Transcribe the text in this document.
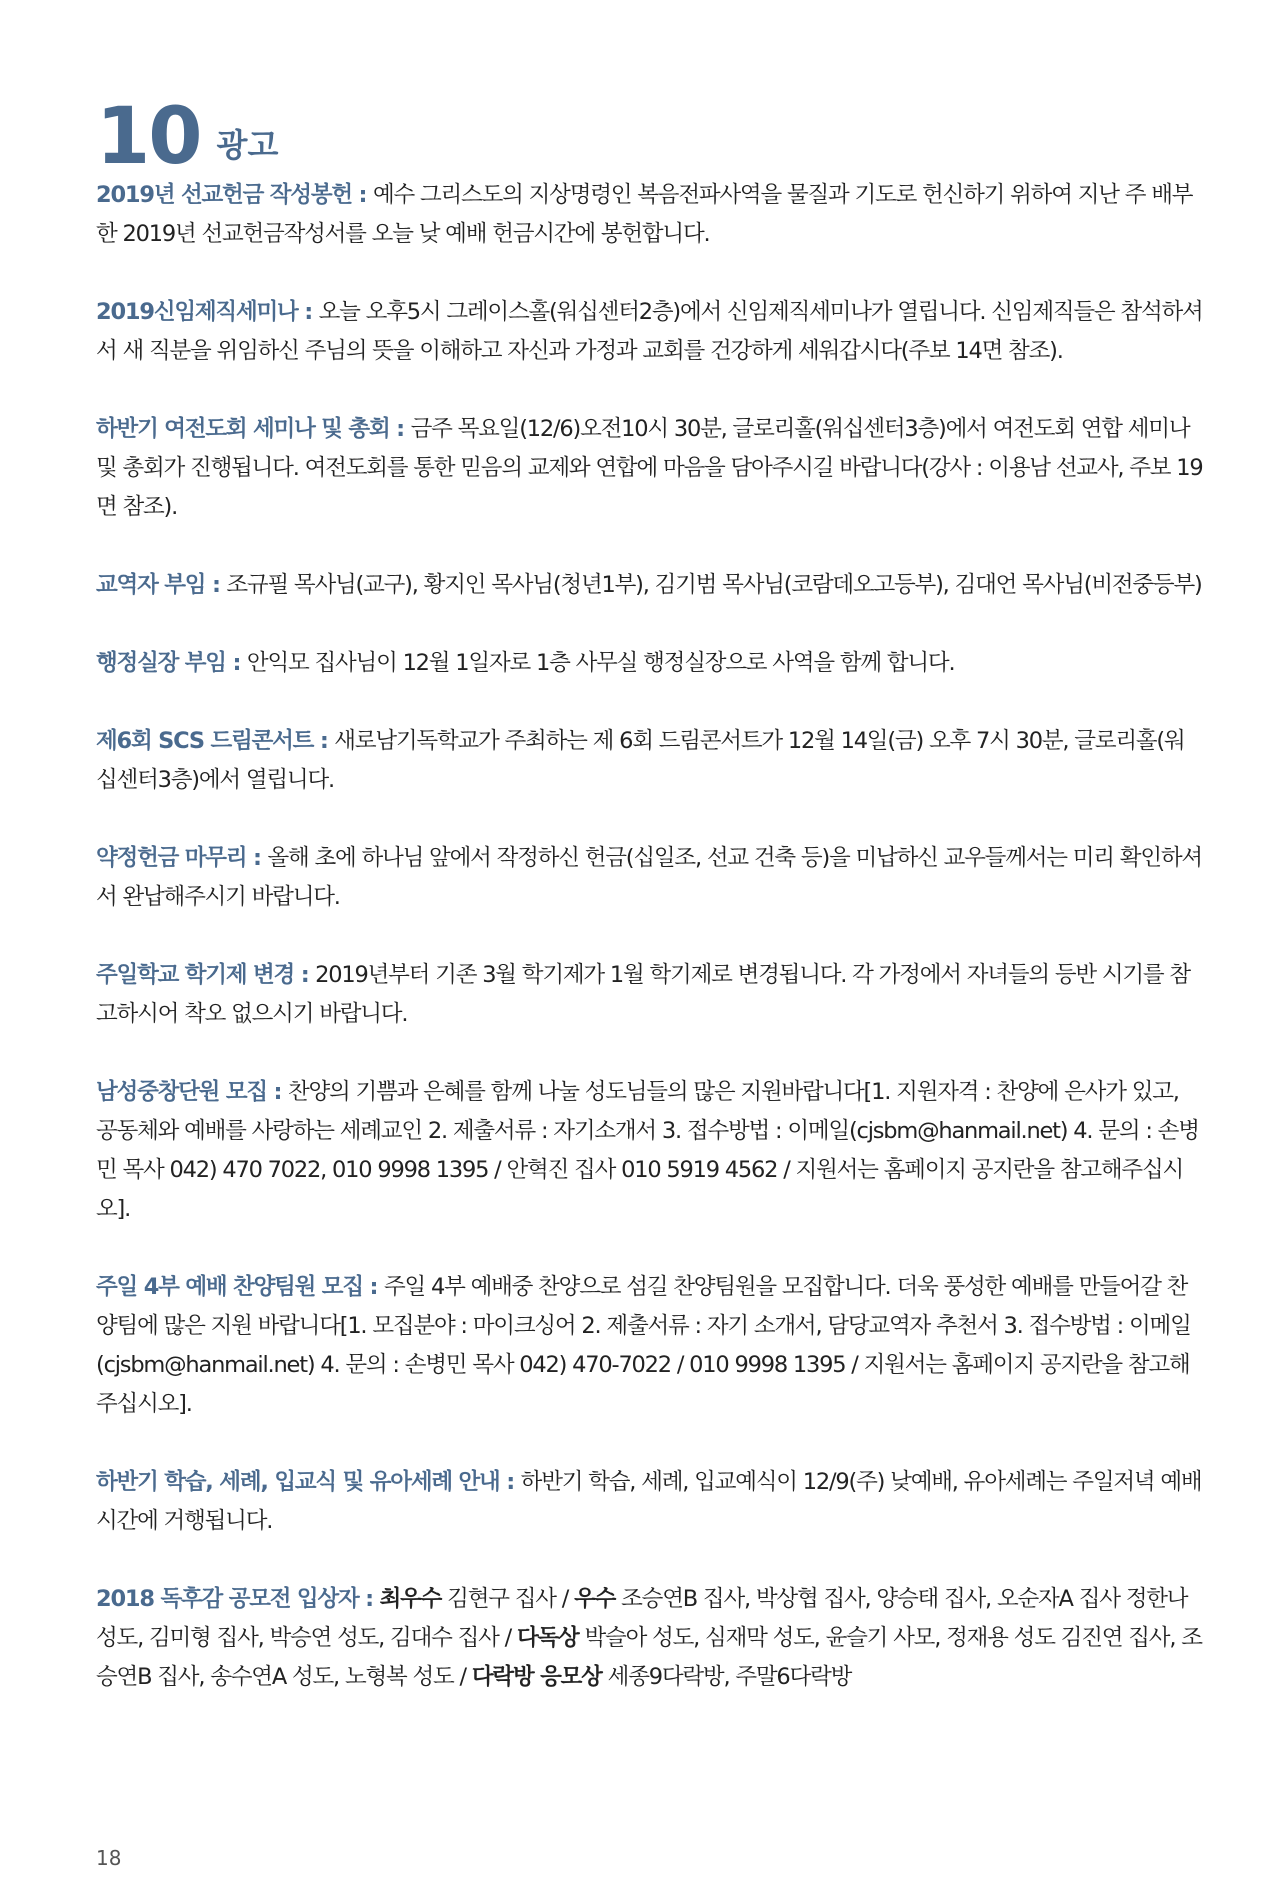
10 광고
2019년 선교헌금 작성봉헌 : 예수 그리스도의 지상명령인 복음전파사역을 물질과 기도로 헌신하기 위하여 지난 주 배부한 2019년 선교헌금작성서를 오늘 낮 예배 헌금시간에 봉헌합니다.
2019신임제직세미나 : 오늘 오후5시 그레이스홀(워십센터2층)에서 신임제직세미나가 열립니다. 신임제직들은 참석하셔서 새 직분을 위임하신 주님의 뜻을 이해하고 자신과 가정과 교회를 건강하게 세워갑시다(주보 14면 참조).
하반기 여전도회 세미나 및 총회 : 금주 목요일(12/6)오전10시 30분, 글로리홀(워십센터3층)에서 여전도회 연합 세미나 및 총회가 진행됩니다. 여전도회를 통한 믿음의 교제와 연합에 마음을 담아주시길 바랍니다(강사 : 이용남 선교사, 주보 19면 참조).
교역자 부임 : 조규필 목사님(교구), 황지인 목사님(청년1부), 김기범 목사님(코람데오고등부), 김대언 목사님(비전중등부)
행정실장 부임 : 안익모 집사님이 12월 1일자로 1층 사무실 행정실장으로 사역을 함께 합니다.
제6회 SCS 드림콘서트 : 새로남기독학교가 주최하는 제 6회 드림콘서트가 12월 14일(금) 오후 7시 30분, 글로리홀(워십센터3층)에서 열립니다.
약정헌금 마무리 : 올해 초에 하나님 앞에서 작정하신 헌금(십일조, 선교 건축 등)을 미납하신 교우들께서는 미리 확인하셔서 완납해주시기 바랍니다.
주일학교 학기제 변경 : 2019년부터 기존 3월 학기제가 1월 학기제로 변경됩니다. 각 가정에서 자녀들의 등반 시기를 참고하시어 착오 없으시기 바랍니다.
남성중창단원 모집 : 찬양의 기쁨과 은혜를 함께 나눌 성도님들의 많은 지원바랍니다[1. 지원자격 : 찬양에 은사가 있고, 공동체와 예배를 사랑하는 세례교인 2. 제출서류 : 자기소개서 3. 접수방법 : 이메일(cjsbm@hanmail.net) 4. 문의 : 손병민 목사 042) 470 7022, 010 9998 1395 / 안혁진 집사 010 5919 4562 / 지원서는 홈페이지 공지란을 참고해주십시오].
주일 4부 예배 찬양팀원 모집 : 주일 4부 예배중 찬양으로 섬길 찬양팀원을 모집합니다. 더욱 풍성한 예배를 만들어갈 찬양팀에 많은 지원 바랍니다[1. 모집분야 : 마이크싱어 2. 제출서류 : 자기 소개서, 담당교역자 추천서 3. 접수방법 : 이메일(cjsbm@hanmail.net) 4. 문의 : 손병민 목사 042) 470-7022 / 010 9998 1395 / 지원서는 홈페이지 공지란을 참고해주십시오].
하반기 학습, 세례, 입교식 및 유아세례 안내 : 하반기 학습, 세례, 입교예식이 12/9(주) 낮예배, 유아세례는 주일저녁 예배시간에 거행됩니다.
2018 독후감 공모전 입상자 : 최우수 김현구 집사 / 우수 조승연B 집사, 박상협 집사, 양승태 집사, 오순자A 집사 정한나 성도, 김미형 집사, 박승연 성도, 김대수 집사 / 다독상 박슬아 성도, 심재막 성도, 윤슬기 사모, 정재용 성도 김진연 집사, 조승연B 집사, 송수연A 성도, 노형복 성도 / 다락방 응모상 세종9다락방, 주말6다락방
18
